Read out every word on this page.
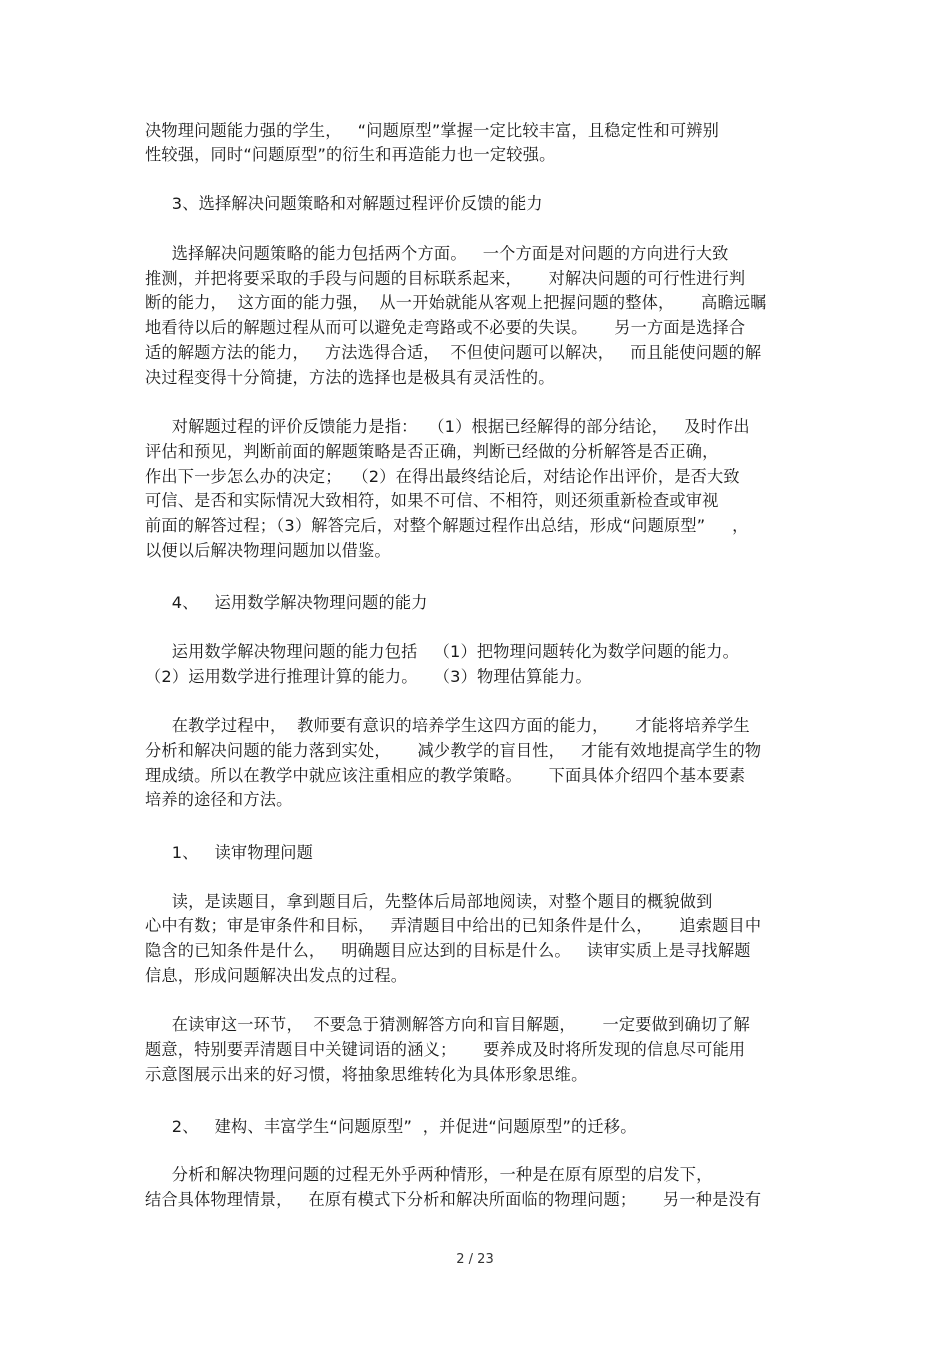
决物理问题能力强的学生，   “问题原型”掌握一定比较丰富，且稳定性和可辨别
性较强，同时“问题原型”的衍生和再造能力也一定较强。
3、选择解决问题策略和对解题过程评价反馈的能力
选择解决问题策略的能力包括两个方面。   一个方面是对问题的方向进行大致
推测，并把将要采取的手段与问题的目标联系起来，     对解决问题的可行性进行判
断的能力，  这方面的能力强，  从一开始就能从客观上把握问题的整体，     高瞻远瞩
地看待以后的解题过程从而可以避免走弯路或不必要的失误。     另一方面是选择合
适的解题方法的能力，   方法选得合适，  不但使问题可以解决，   而且能使问题的解
决过程变得十分简捷，方法的选择也是极具有灵活性的。
对解题过程的评价反馈能力是指：  （1）根据已经解得的部分结论，   及时作出
评估和预见，判断前面的解题策略是否正确，判断已经做的分析解答是否正确，
作出下一步怎么办的决定；  （2）在得出最终结论后，对结论作出评价，是否大致
可信、是否和实际情况大致相符，如果不可信、不相符，则还须重新检查或审视
前面的解答过程；（3）解答完后，对整个解题过程作出总结，形成“问题原型”     ，
以便以后解决物理问题加以借鉴。
4、   运用数学解决物理问题的能力
运用数学解决物理问题的能力包括   （1）把物理问题转化为数学问题的能力。
（2）运用数学进行推理计算的能力。   （3）物理估算能力。
在教学过程中，  教师要有意识的培养学生这四方面的能力，     才能将培养学生
分析和解决问题的能力落到实处，     减少教学的盲目性，   才能有效地提高学生的物
理成绩。所以在教学中就应该注重相应的教学策略。     下面具体介绍四个基本要素
培养的途径和方法。
1、   读审物理问题
读，是读题目，拿到题目后，先整体后局部地阅读，对整个题目的概貌做到
心中有数；审是审条件和目标，   弄清题目中给出的已知条件是什么，     追索题目中
隐含的已知条件是什么，   明确题目应达到的目标是什么。   读审实质上是寻找解题
信息，形成问题解决出发点的过程。
在读审这一环节，  不要急于猜测解答方向和盲目解题，     一定要做到确切了解
题意，特别要弄清题目中关键词语的涵义；     要养成及时将所发现的信息尽可能用
示意图展示出来的好习惯，将抽象思维转化为具体形象思维。
2、   建构、丰富学生“问题原型”  ，并促进“问题原型”的迁移。
分析和解决物理问题的过程无外乎两种情形，一种是在原有原型的启发下，
结合具体物理情景，   在原有模式下分析和解决所面临的物理问题；     另一种是没有
2 / 23
